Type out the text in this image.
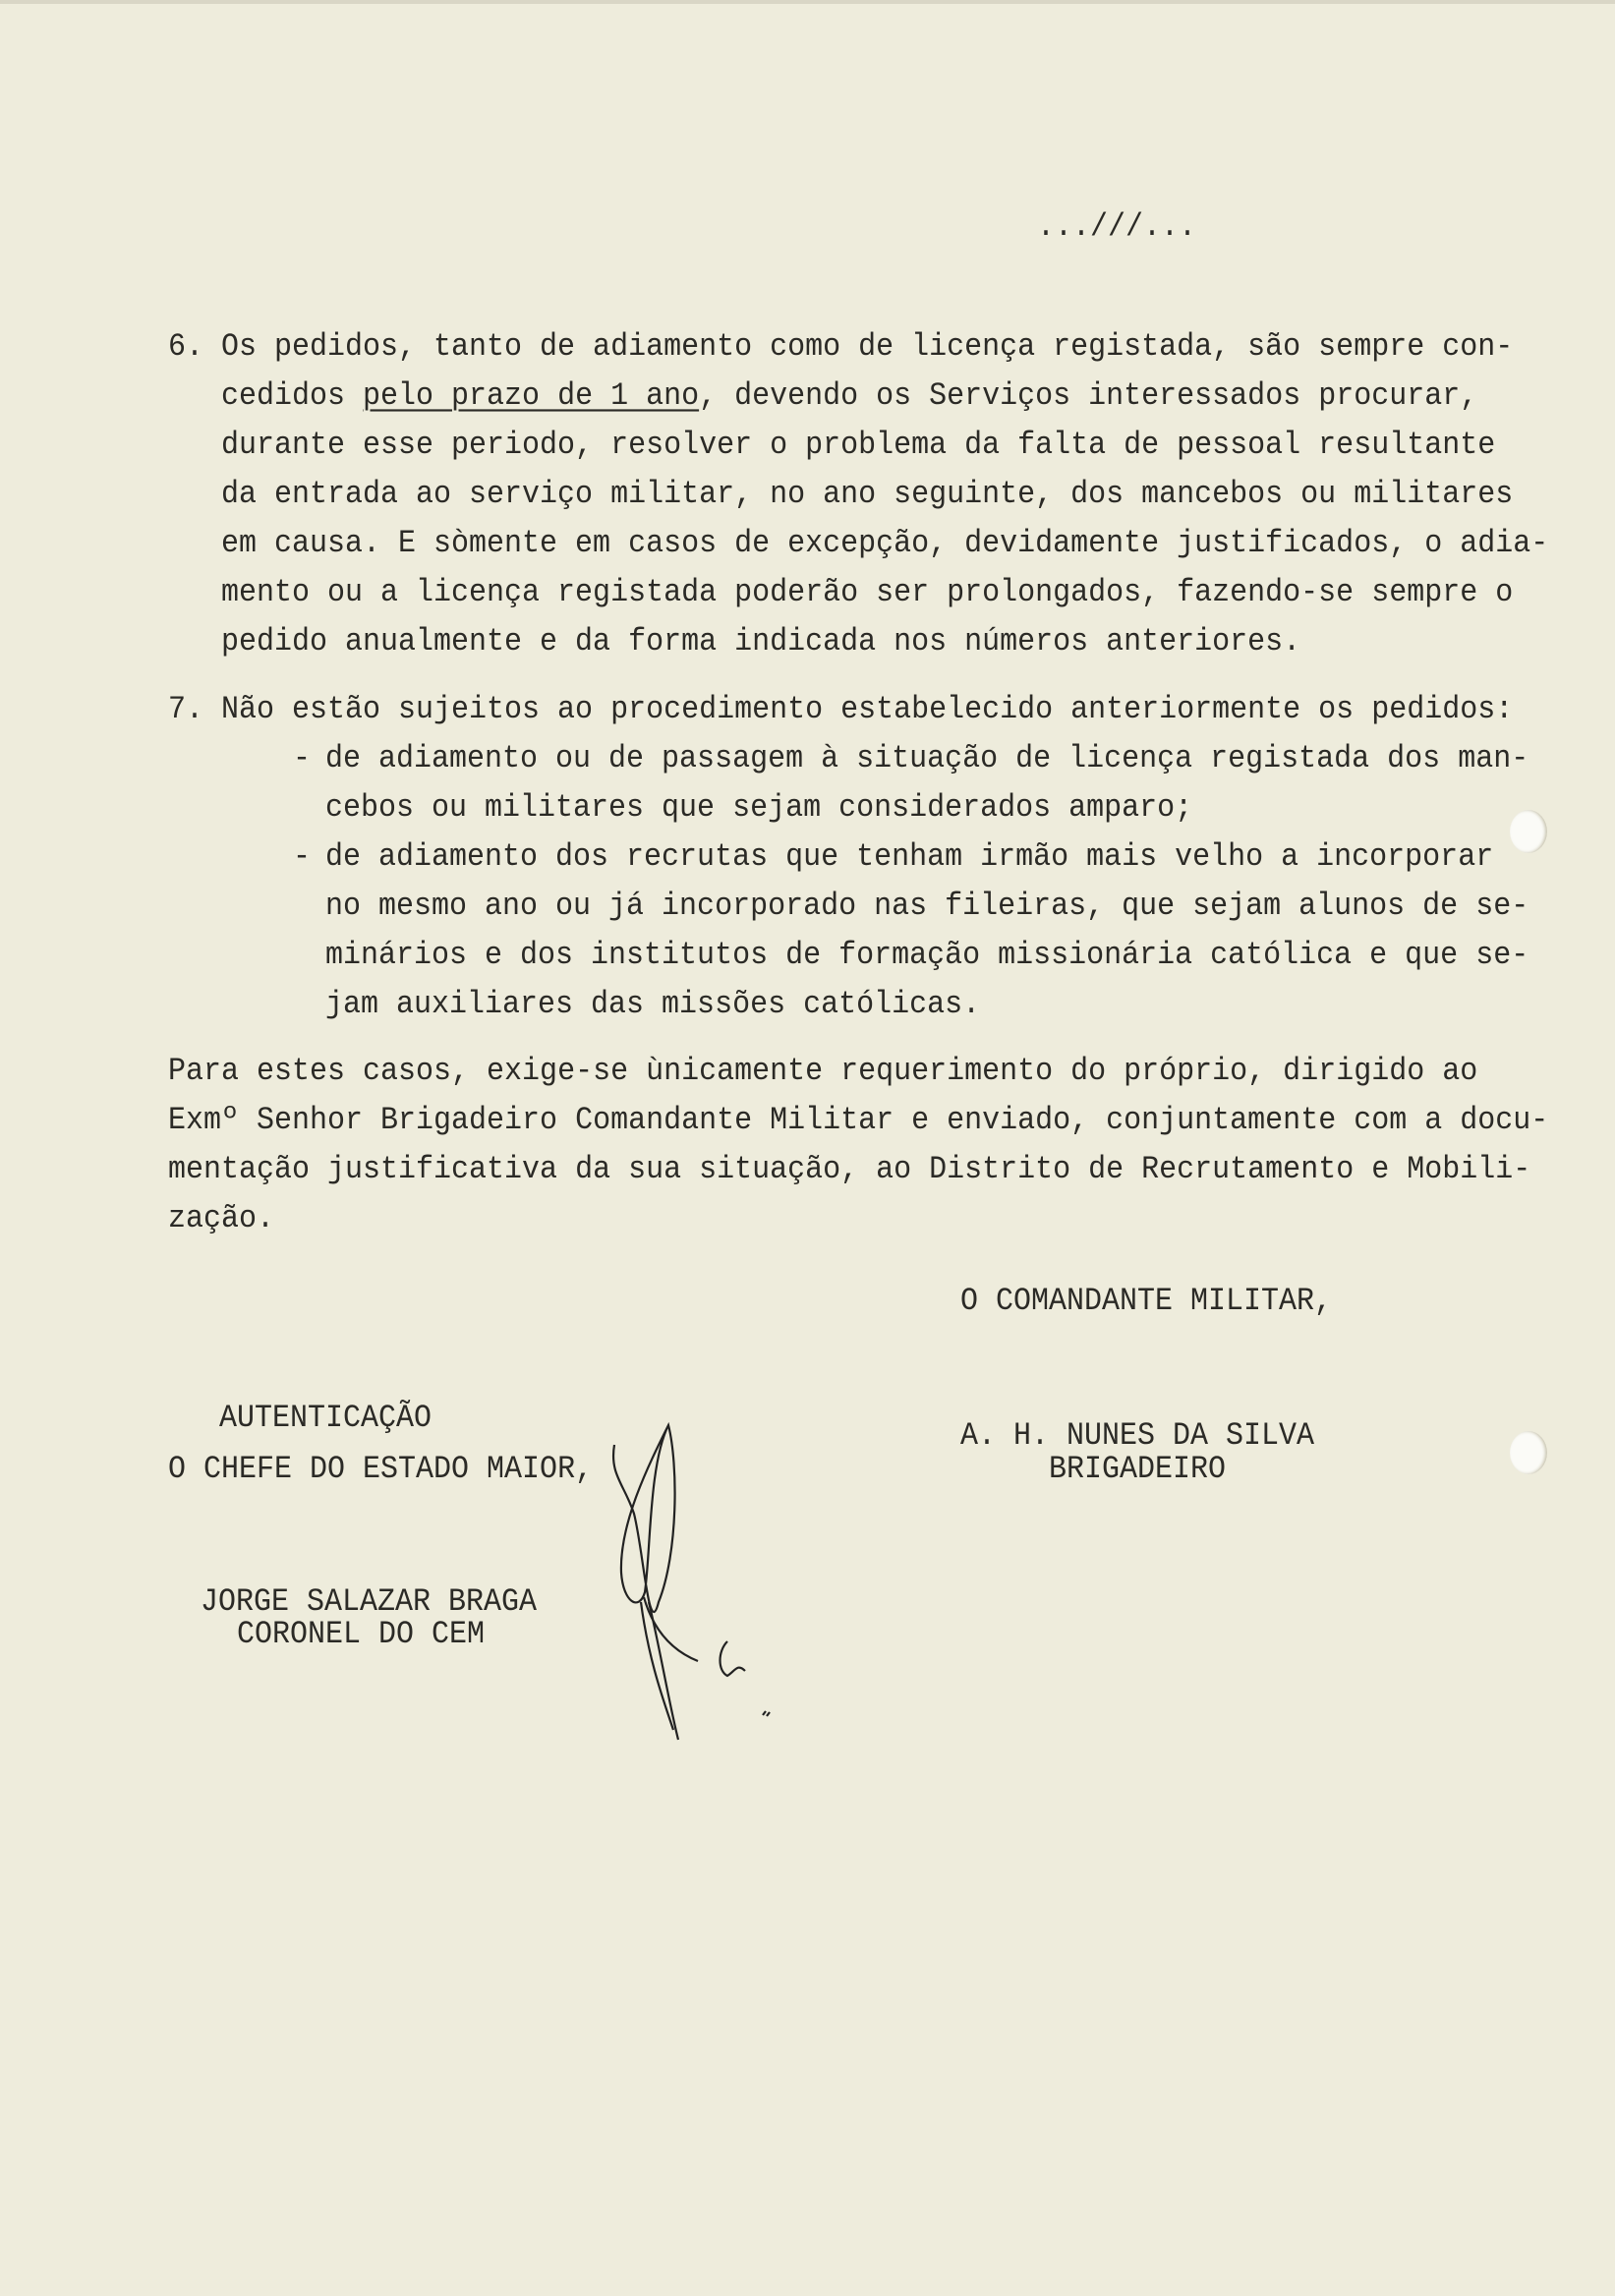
...///...
6. Os pedidos, tanto de adiamento como de licença registada, são sempre con-
cedidos pelo prazo de 1 ano, devendo os Serviços interessados procurar,
durante esse periodo, resolver o problema da falta de pessoal resultante
da entrada ao serviço militar, no ano seguinte, dos mancebos ou militares
em causa. E sòmente em casos de excepção, devidamente justificados, o adia-
mento ou a licença registada poderão ser prolongados, fazendo-se sempre o
pedido anualmente e da forma indicada nos números anteriores.
7. Não estão sujeitos ao procedimento estabelecido anteriormente os pedidos:
- de adiamento ou de passagem à situação de licença registada dos man-
cebos ou militares que sejam considerados amparo;
- de adiamento dos recrutas que tenham irmão mais velho a incorporar
no mesmo ano ou já incorporado nas fileiras, que sejam alunos de se-
minários e dos institutos de formação missionária católica e que se-
jam auxiliares das missões católicas.
Para estes casos, exige-se ùnicamente requerimento do próprio, dirigido ao
Exmº Senhor Brigadeiro Comandante Militar e enviado, conjuntamente com a docu-
mentação justificativa da sua situação, ao Distrito de Recrutamento e Mobili-
zação.
O COMANDANTE MILITAR,
A. H. NUNES DA SILVA
BRIGADEIRO
AUTENTICAÇÃO
O CHEFE DO ESTADO MAIOR,
JORGE SALAZAR BRAGA
CORONEL DO CEM
